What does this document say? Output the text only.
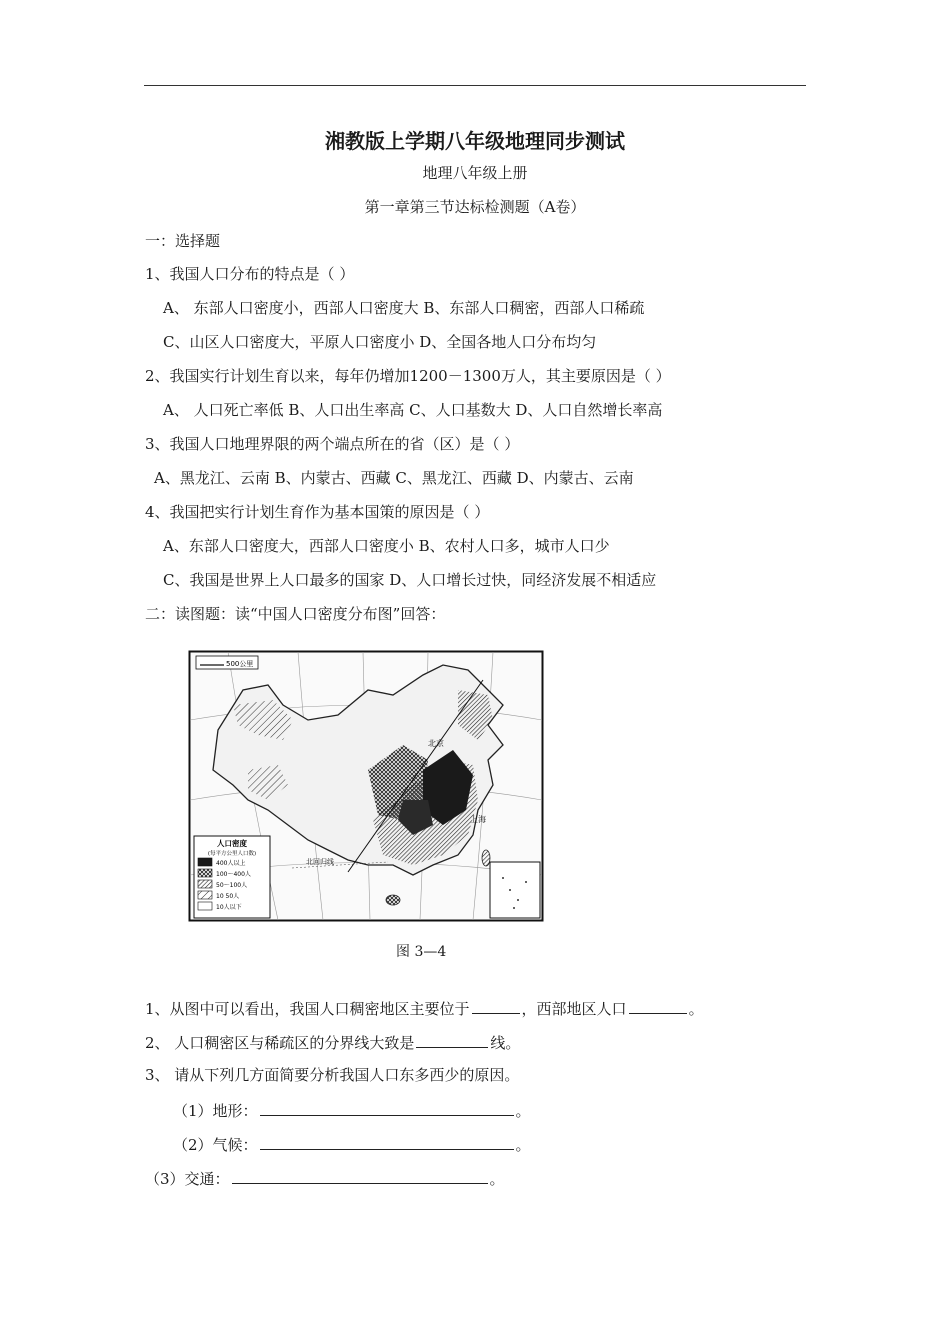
湘教版上学期八年级地理同步测试
地理八年级上册
第一章第三节达标检测题（A卷）
一：选择题
1、我国人口分布的特点是（ ）
A、 东部人口密度小，西部人口密度大 B、东部人口稠密，西部人口稀疏
C、山区人口密度大，平原人口密度小 D、全国各地人口分布均匀
2、我国实行计划生育以来，每年仍增加1200－1300万人，其主要原因是（ ）
A、 人口死亡率低 B、人口出生率高 C、人口基数大 D、人口自然增长率高
3、我国人口地理界限的两个端点所在的省（区）是（ ）
A、黑龙江、云南 B、内蒙古、西藏 C、黑龙江、西藏 D、内蒙古、云南
4、我国把实行计划生育作为基本国策的原因是（ ）
A、东部人口密度大，西部人口密度小 B、农村人口多，城市人口少
C、我国是世界上人口最多的国家 D、人口增长过快，同经济发展不相适应
二：读图题：读“中国人口密度分布图”回答：
500公里
北京
上海
北回归线
人口密度
(每平方公里人口数)
400人以上
100～400人
50～100人
10 50人
10人以下
图 3—4
1、从图中可以看出，我国人口稠密地区主要位于	，西部地区人口	。
2、 人口稠密区与稀疏区的分界线大致是	线。
3、 请从下列几方面简要分析我国人口东多西少的原因。
（1）地形：	。
（2）气候：	。
（3）交通：	。
